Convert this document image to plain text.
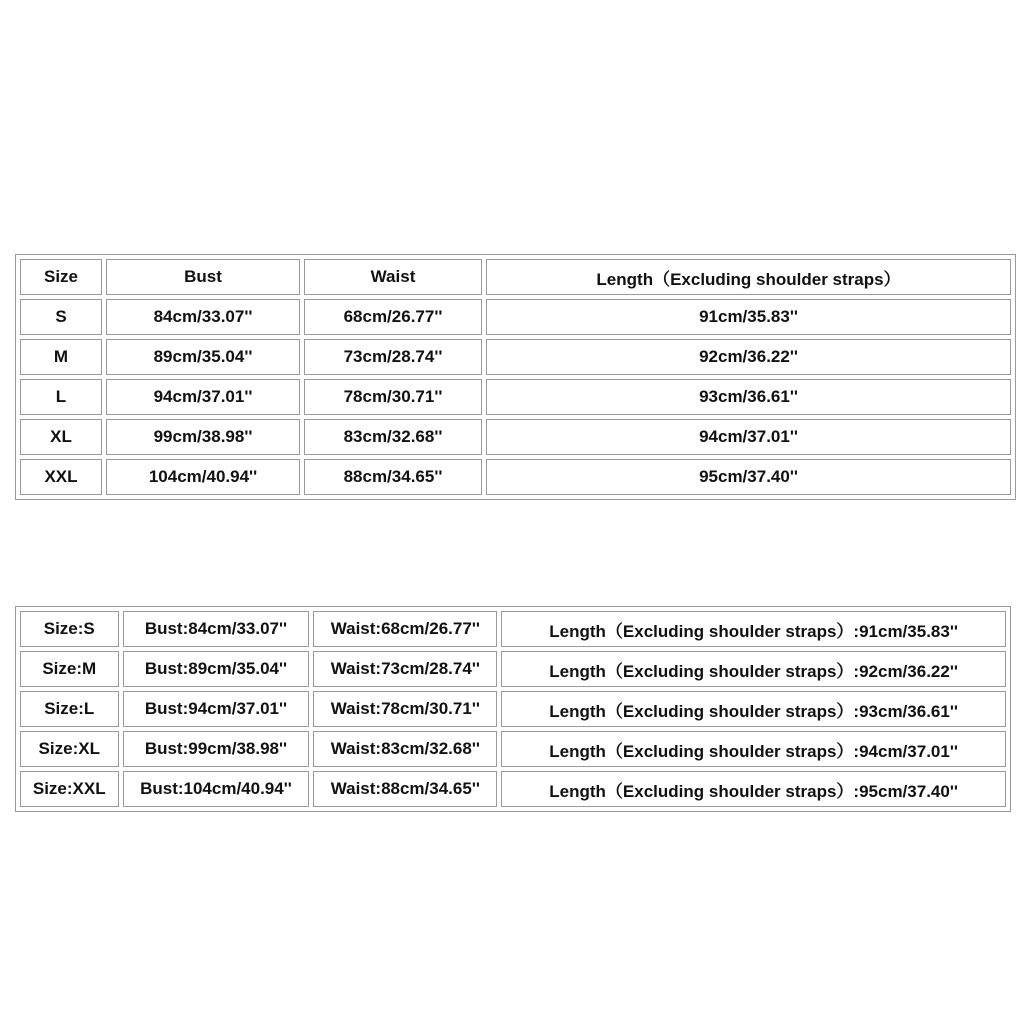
Size	Bust	Waist	Length（Excluding shoulder straps）
S	84cm/33.07''	68cm/26.77''	91cm/35.83''
M	89cm/35.04''	73cm/28.74''	92cm/36.22''
L	94cm/37.01''	78cm/30.71''	93cm/36.61''
XL	99cm/38.98''	83cm/32.68''	94cm/37.01''
XXL	104cm/40.94''	88cm/34.65''	95cm/37.40''
Size:S	Bust:84cm/33.07''	Waist:68cm/26.77''	Length（Excluding shoulder straps）:91cm/35.83''
Size:M	Bust:89cm/35.04''	Waist:73cm/28.74''	Length（Excluding shoulder straps）:92cm/36.22''
Size:L	Bust:94cm/37.01''	Waist:78cm/30.71''	Length（Excluding shoulder straps）:93cm/36.61''
Size:XL	Bust:99cm/38.98''	Waist:83cm/32.68''	Length（Excluding shoulder straps）:94cm/37.01''
Size:XXL	Bust:104cm/40.94''	Waist:88cm/34.65''	Length（Excluding shoulder straps）:95cm/37.40''
